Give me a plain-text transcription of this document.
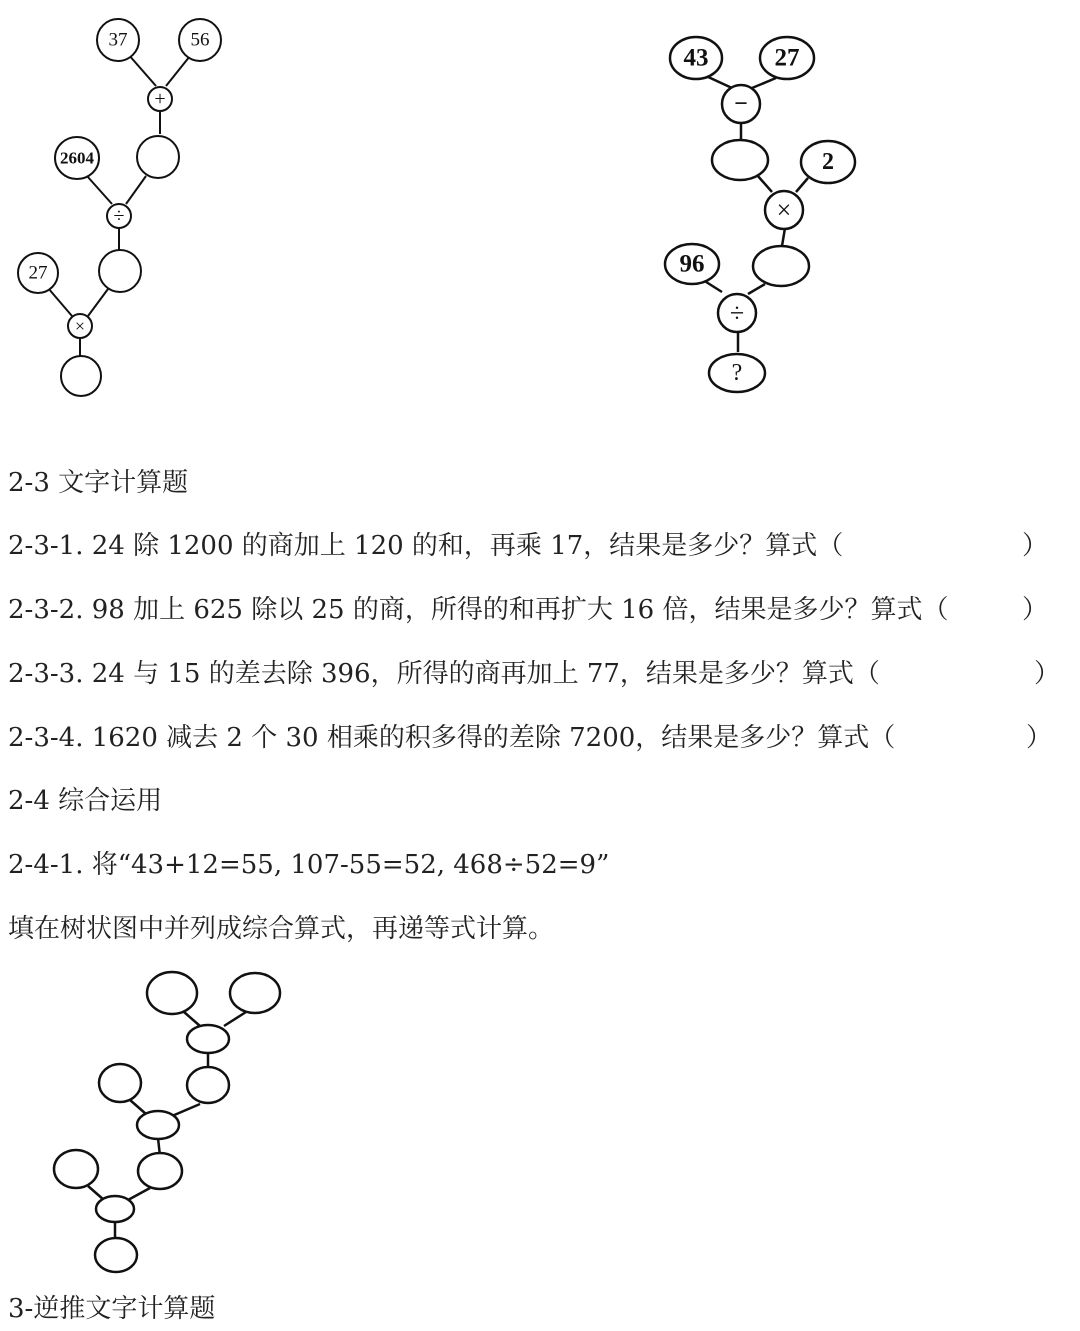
37	56
+
2604
÷
27
×
43	27
−
2
×
96
÷
?
2-3 文字计算题
2-3-1. 24 除 1200 的商加上 120 的和，再乘 17，结果是多少？算式（	）
2-3-2. 98 加上 625 除以 25 的商，所得的和再扩大 16 倍，结果是多少？算式（	）
2-3-3. 24 与 15 的差去除 396，所得的商再加上 77，结果是多少？算式（	）
2-3-4. 1620 减去 2 个 30 相乘的积多得的差除 7200，结果是多少？算式（	）
2-4 综合运用
2-4-1. 将“43+12=55, 107-55=52, 468÷52=9”
填在树状图中并列成综合算式，再递等式计算。
3-逆推文字计算题
